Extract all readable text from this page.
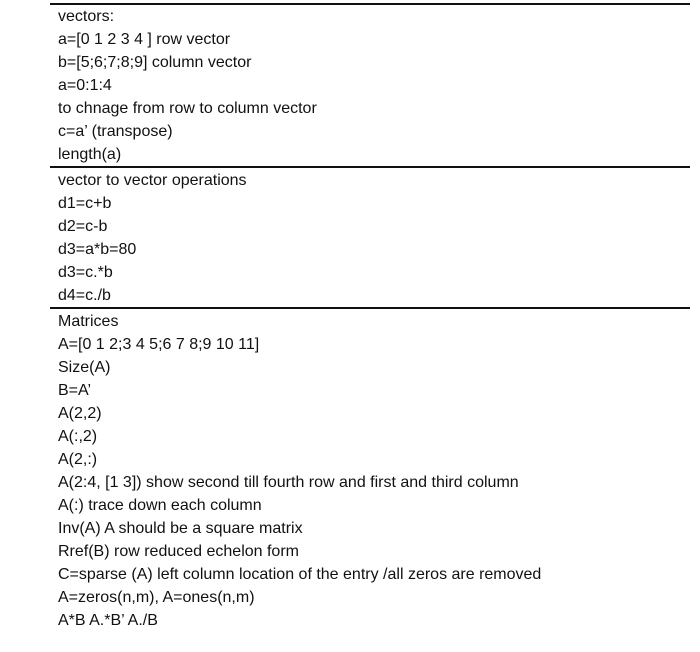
vectors:
a=[0 1 2 3 4 ] row vector
b=[5;6;7;8;9] column vector
a=0:1:4
to chnage from row to column vector
c=a’ (transpose)
length(a)
vector to vector operations
d1=c+b
d2=c-b
d3=a*b=80
d3=c.*b
d4=c./b
Matrices
A=[0 1 2;3 4 5;6 7 8;9 10 11]
Size(A)
B=A’
A(2,2)
A(:,2)
A(2,:)
A(2:4, [1 3]) show second till fourth row and first and third column
A(:) trace down each column
Inv(A) A should be a square matrix
Rref(B) row reduced echelon form
C=sparse (A) left column location of the entry /all zeros are removed
A=zeros(n,m), A=ones(n,m)
A*B A.*B’ A./B
